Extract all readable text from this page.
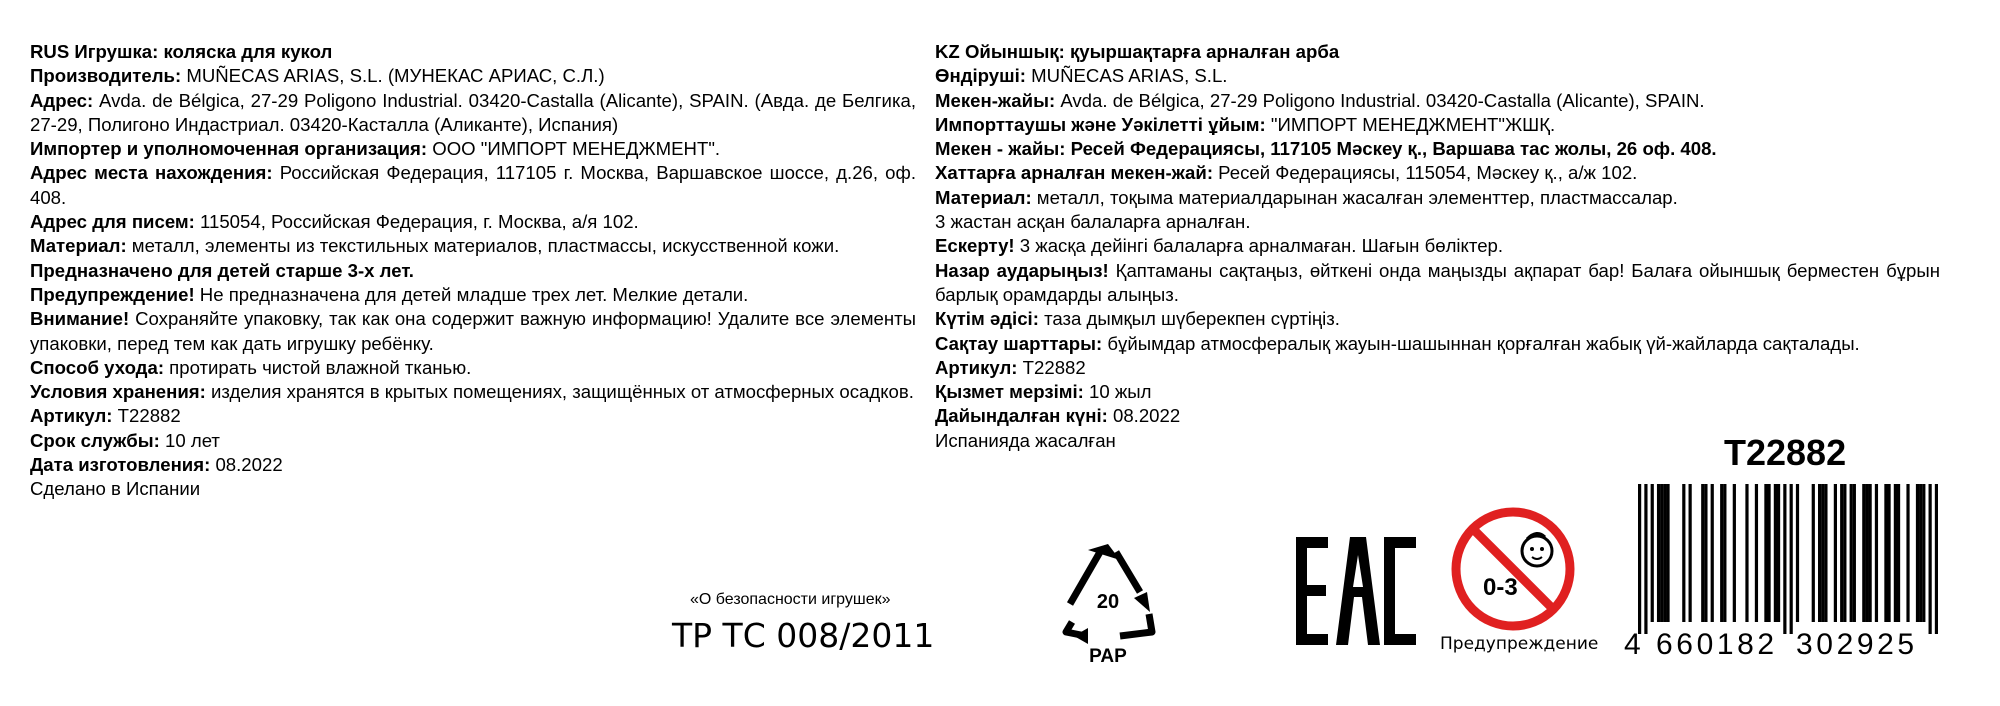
RUS Игрушка: коляска для кукол
Производитель: MUÑECAS ARIAS, S.L. (МУНЕКАС АРИАС, С.Л.)
Адрес: Avda. de Bélgica, 27-29 Poligono Industrial. 03420-Castalla (Alicante), SPAIN. (Авда. де Белгика, 27-29, Полигоно Индастриал. 03420-Касталла (Аликанте), Испания)
Импортер и уполномоченная организация: ООО "ИМПОРТ МЕНЕДЖМЕНТ".
Адрес места нахождения: Российская Федерация, 117105 г. Москва, Варшавское шоссе, д.26, оф. 408.
Адрес для писем: 115054, Российская Федерация, г. Москва, а/я 102.
Материал: металл, элементы из текстильных материалов, пластмассы, искусственной кожи.
Предназначено для детей старше 3-х лет.
Предупреждение! Не предназначена для детей младше трех лет. Мелкие детали.
Внимание! Сохраняйте упаковку, так как она содержит важную информацию! Удалите все элементы упаковки, перед тем как дать игрушку ребёнку.
Способ ухода: протирать чистой влажной тканью.
Условия хранения: изделия хранятся в крытых помещениях, защищённых от атмосферных осадков.
Артикул: T22882
Срок службы: 10 лет
Дата изготовления: 08.2022
Сделано в Испании
KZ Ойыншық: қуыршақтарға арналған арба
Өндіруші: MUÑECAS ARIAS, S.L.
Мекен-жайы: Avda. de Bélgica, 27-29 Poligono Industrial. 03420-Castalla (Alicante), SPAIN.
Импорттаушы және Уәкілетті ұйым: "ИМПОРТ МЕНЕДЖМЕНТ"ЖШҚ.
Мекен - жайы: Ресей Федерациясы, 117105 Мәскеу қ., Варшава тас жолы, 26 оф. 408.
Хаттарға арналған мекен-жай: Ресей Федерациясы, 115054, Мәскеу қ., а/ж 102.
Материал: металл, тоқыма материалдарынан жасалған элементтер, пластмассалар.
3 жастан асқан балаларға арналған.
Ескерту! 3 жасқа дейінгі балаларға арналмаған. Шағын бөліктер.
Назар аударыңыз! Қаптаманы сақтаңыз, өйткені онда маңызды ақпарат бар! Балаға ойыншық берместен бұрын барлық орамдарды алыңыз.
Күтім әдісі: таза дымқыл шүберекпен сүртіңіз.
Сақтау шарттары: бұйымдар атмосфералық жауын-шашыннан қорғалған жабық үй-жайларда сақталады.
Артикул: T22882
Қызмет мерзімі: 10 жыл
Дайындалған күні: 08.2022
Испанияда жасалған
«О безопасности игрушек»
ТР ТС 008/2011
20
PAP
0-3
Предупреждение
T22882
4 660182 302925
